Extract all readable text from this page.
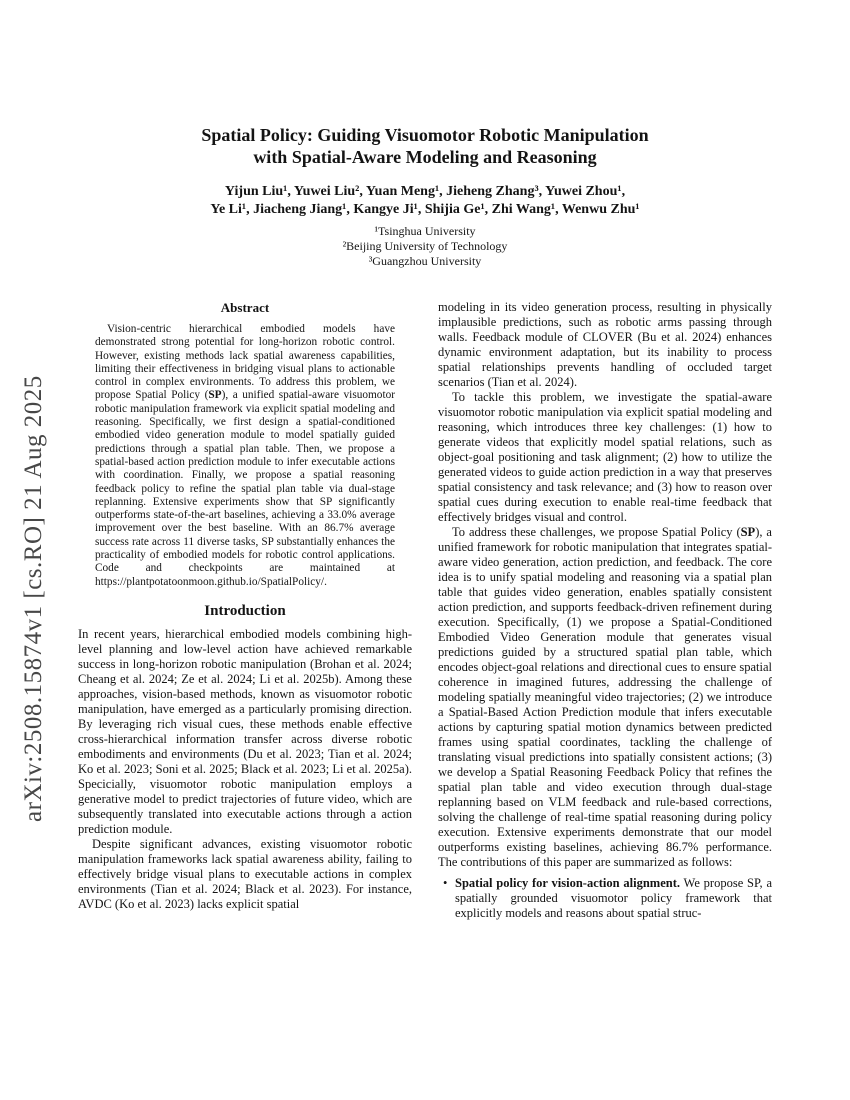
arXiv:2508.15874v1 [cs.RO] 21 Aug 2025
Spatial Policy: Guiding Visuomotor Robotic Manipulation
with Spatial-Aware Modeling and Reasoning
Yijun Liu¹, Yuwei Liu², Yuan Meng¹, Jieheng Zhang³, Yuwei Zhou¹,
Ye Li¹, Jiacheng Jiang¹, Kangye Ji¹, Shijia Ge¹, Zhi Wang¹, Wenwu Zhu¹
¹Tsinghua University
²Beijing University of Technology
³Guangzhou University
Abstract

Vision-centric hierarchical embodied models have demonstrated strong potential for long-horizon robotic control. However, existing methods lack spatial awareness capabilities, limiting their effectiveness in bridging visual plans to actionable control in complex environments. To address this problem, we propose Spatial Policy (SP), a unified spatial-aware visuomotor robotic manipulation framework via explicit spatial modeling and reasoning. Specifically, we first design a spatial-conditioned embodied video generation module to model spatially guided predictions through a spatial plan table. Then, we propose a spatial-based action prediction module to infer executable actions with coordination. Finally, we propose a spatial reasoning feedback policy to refine the spatial plan table via dual-stage replanning. Extensive experiments show that SP significantly outperforms state-of-the-art baselines, achieving a 33.0% average improvement over the best baseline. With an 86.7% average success rate across 11 diverse tasks, SP substantially enhances the practicality of embodied models for robotic control applications. Code and checkpoints are maintained at https://plantpotatoonmoon.github.io/SpatialPolicy/.

Introduction

In recent years, hierarchical embodied models combining high-level planning and low-level action have achieved remarkable success in long-horizon robotic manipulation (Brohan et al. 2024; Cheang et al. 2024; Ze et al. 2024; Li et al. 2025b). Among these approaches, vision-based methods, known as visuomotor robotic manipulation, have emerged as a particularly promising direction. By leveraging rich visual cues, these methods enable effective cross-hierarchical information transfer across diverse robotic embodiments and environments (Du et al. 2023; Tian et al. 2024; Ko et al. 2023; Soni et al. 2025; Black et al. 2023; Li et al. 2025a). Specicially, visuomotor robotic manipulation employs a generative model to predict trajectories of future video, which are subsequently translated into executable actions through a action prediction module.

Despite significant advances, existing visuomotor robotic manipulation frameworks lack spatial awareness ability, failing to effectively bridge visual plans to executable actions in complex environments (Tian et al. 2024; Black et al. 2023). For instance, AVDC (Ko et al. 2023) lacks explicit spatial

modeling in its video generation process, resulting in physically implausible predictions, such as robotic arms passing through walls. Feedback module of CLOVER (Bu et al. 2024) enhances dynamic environment adaptation, but its inability to process spatial relationships prevents handling of occluded target scenarios (Tian et al. 2024).

To tackle this problem, we investigate the spatial-aware visuomotor robotic manipulation via explicit spatial modeling and reasoning, which introduces three key challenges: (1) how to generate videos that explicitly model spatial relations, such as object-goal positioning and task alignment; (2) how to utilize the generated videos to guide action prediction in a way that preserves spatial consistency and task relevance; and (3) how to reason over spatial cues during execution to enable real-time feedback that effectively bridges visual and control.

To address these challenges, we propose Spatial Policy (SP), a unified framework for robotic manipulation that integrates spatial-aware video generation, action prediction, and feedback. The core idea is to unify spatial modeling and reasoning via a spatial plan table that guides video generation, enables spatially consistent action prediction, and supports feedback-driven refinement during execution. Specifically, (1) we propose a Spatial-Conditioned Embodied Video Generation module that generates visual predictions guided by a structured spatial plan table, which encodes object-goal relations and directional cues to ensure spatial coherence in imagined futures, addressing the challenge of modeling spatially meaningful video trajectories; (2) we introduce a Spatial-Based Action Prediction module that infers executable actions by capturing spatial motion dynamics between predicted frames using spatial coordinates, tackling the challenge of translating visual predictions into spatially consistent actions; (3) we develop a Spatial Reasoning Feedback Policy that refines the spatial plan table and video execution through dual-stage replanning based on VLM feedback and rule-based corrections, solving the challenge of real-time spatial reasoning during policy execution. Extensive experiments demonstrate that our model outperforms existing baselines, achieving 86.7% performance. The contributions of this paper are summarized as follows:

• Spatial policy for vision-action alignment. We propose SP, a spatially grounded visuomotor policy framework that explicitly models and reasons about spatial struc-
